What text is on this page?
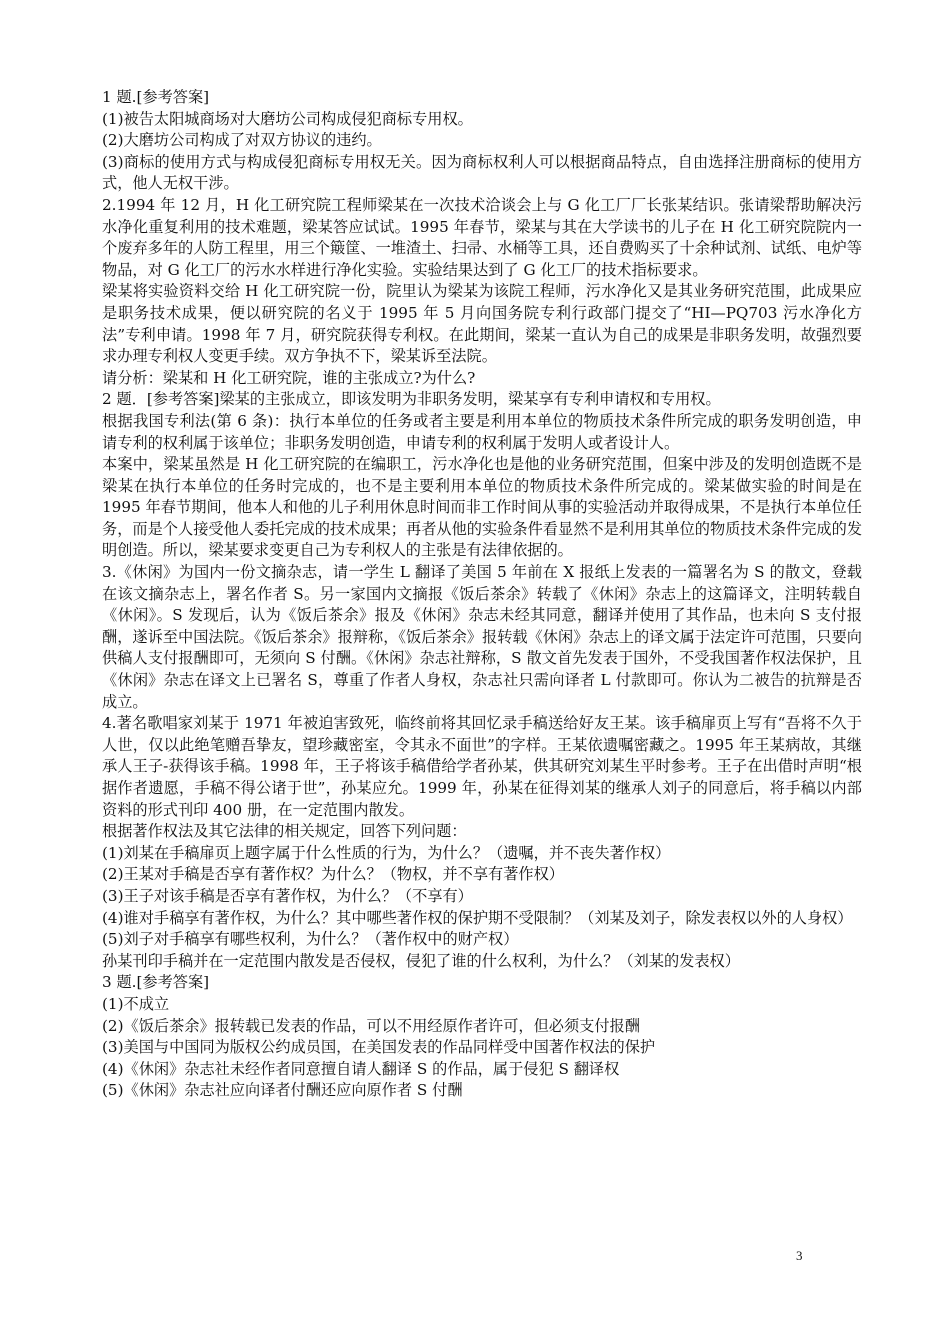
1 题.[参考答案]

(1)被告太阳城商场对大磨坊公司构成侵犯商标专用权。

(2)大磨坊公司构成了对双方协议的违约。

(3)商标的使用方式与构成侵犯商标专用权无关。因为商标权利人可以根据商品特点，自由选择注册商标的使用方式，他人无权干涉。

2.1994 年 12 月，H 化工研究院工程师梁某在一次技术洽谈会上与 G 化工厂厂长张某结识。张请梁帮助解决污水净化重复利用的技术难题，梁某答应试试。1995 年春节，梁某与其在大学读书的儿子在 H 化工研究院院内一个废弃多年的人防工程里，用三个簸筐、一堆渣土、扫帚、水桶等工具，还自费购买了十余种试剂、试纸、电炉等物品，对 G 化工厂的污水水样进行净化实验。实验结果达到了 G 化工厂的技术指标要求。

梁某将实验资料交给 H 化工研究院一份，院里认为梁某为该院工程师，污水净化又是其业务研究范围，此成果应是职务技术成果，便以研究院的名义于 1995 年 5 月向国务院专利行政部门提交了“HI—PQ703 污水净化方法”专利申请。1998 年 7 月，研究院获得专利权。在此期间，梁某一直认为自己的成果是非职务发明，故强烈要求办理专利权人变更手续。双方争执不下，梁某诉至法院。

请分析：梁某和 H 化工研究院，谁的主张成立?为什么?

2 题．[参考答案]梁某的主张成立，即该发明为非职务发明，梁某享有专利申请权和专用权。

根据我国专利法(第 6 条)：执行本单位的任务或者主要是利用本单位的物质技术条件所完成的职务发明创造，申请专利的权利属于该单位；非职务发明创造，申请专利的权利属于发明人或者设计人。

本案中，梁某虽然是 H 化工研究院的在编职工，污水净化也是他的业务研究范围，但案中涉及的发明创造既不是梁某在执行本单位的任务时完成的，也不是主要利用本单位的物质技术条件所完成的。梁某做实验的时间是在 1995 年春节期间，他本人和他的儿子利用休息时间而非工作时间从事的实验活动并取得成果，不是执行本单位任务，而是个人接受他人委托完成的技术成果；再者从他的实验条件看显然不是利用其单位的物质技术条件完成的发明创造。所以，梁某要求变更自己为专利权人的主张是有法律依据的。

3.《休闲》为国内一份文摘杂志，请一学生 L 翻译了美国 5 年前在 X 报纸上发表的一篇署名为 S 的散文，登载在该文摘杂志上，署名作者 S。另一家国内文摘报《饭后茶余》转载了《休闲》杂志上的这篇译文，注明转载自《休闲》。S 发现后，认为《饭后茶余》报及《休闲》杂志未经其同意，翻译并使用了其作品，也未向 S 支付报酬，遂诉至中国法院。《饭后茶余》报辩称，《饭后茶余》报转载《休闲》杂志上的译文属于法定许可范围，只要向供稿人支付报酬即可，无须向 S 付酬。《休闲》杂志社辩称，S 散文首先发表于国外，不受我国著作权法保护，且《休闲》杂志在译文上已署名 S，尊重了作者人身权，杂志社只需向译者 L 付款即可。你认为二被告的抗辩是否成立。

4.著名歌唱家刘某于 1971 年被迫害致死，临终前将其回忆录手稿送给好友王某。该手稿扉页上写有“吾将不久于人世，仅以此绝笔赠吾挚友，望珍藏密室，令其永不面世”的字样。王某依遗嘱密藏之。1995 年王某病故，其继承人王子-获得该手稿。1998 年，王子将该手稿借给学者孙某，供其研究刘某生平时参考。王子在出借时声明“根据作者遗愿，手稿不得公诸于世”，孙某应允。1999 年，孙某在征得刘某的继承人刘子的同意后，将手稿以内部资料的形式刊印 400 册，在一定范围内散发。

根据著作权法及其它法律的相关规定，回答下列问题：

(1)刘某在手稿扉页上题字属于什么性质的行为，为什么？（遗嘱，并不丧失著作权）

(2)王某对手稿是否享有著作权？为什么？（物权，并不享有著作权）

(3)王子对该手稿是否享有著作权，为什么？（不享有）

(4)谁对手稿享有著作权，为什么？其中哪些著作权的保护期不受限制？（刘某及刘子，除发表权以外的人身权）

(5)刘子对手稿享有哪些权利，为什么？（著作权中的财产权）

孙某刊印手稿并在一定范围内散发是否侵权，侵犯了谁的什么权利，为什么？（刘某的发表权）

3 题.[参考答案]

(1)不成立

(2)《饭后茶余》报转载已发表的作品，可以不用经原作者许可，但必须支付报酬

(3)美国与中国同为版权公约成员国，在美国发表的作品同样受中国著作权法的保护

(4)《休闲》杂志社未经作者同意擅自请人翻译 S 的作品，属于侵犯 S 翻译权

(5)《休闲》杂志社应向译者付酬还应向原作者 S 付酬

3
